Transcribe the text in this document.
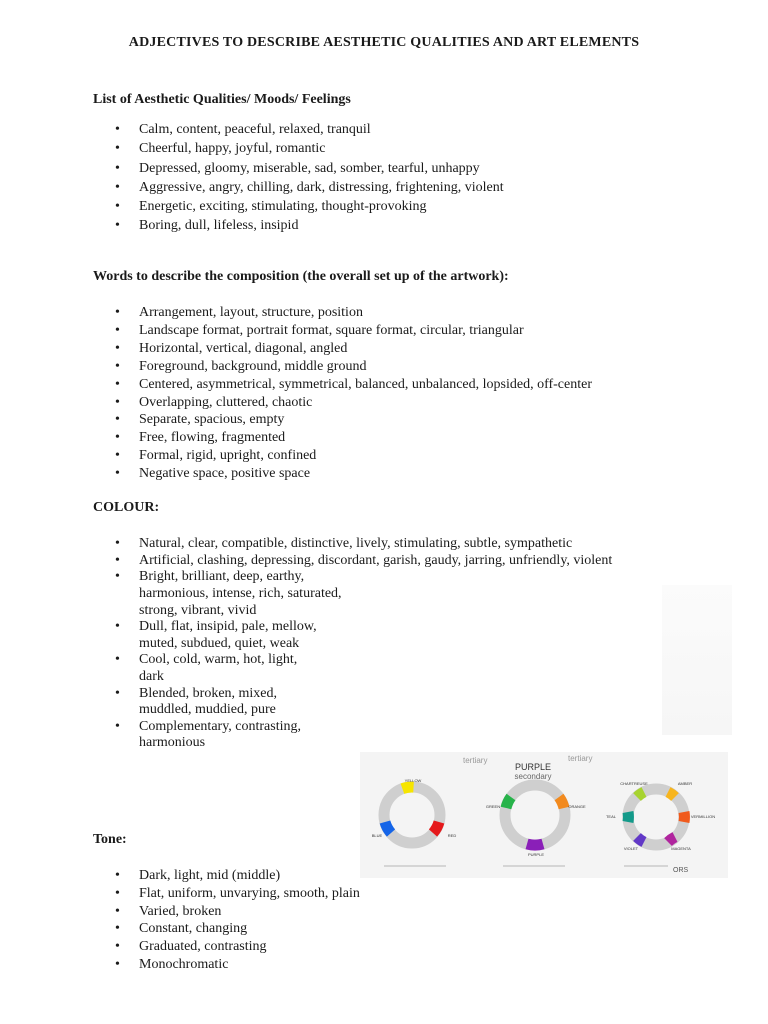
ADJECTIVES TO DESCRIBE AESTHETIC QUALITIES AND ART ELEMENTS
List of Aesthetic Qualities/ Moods/ Feelings
• Calm, content, peaceful, relaxed, tranquil
• Cheerful, happy, joyful, romantic
• Depressed, gloomy, miserable, sad, somber, tearful, unhappy
• Aggressive, angry, chilling, dark, distressing, frightening, violent
• Energetic, exciting, stimulating, thought-provoking
• Boring, dull, lifeless, insipid
Words to describe the composition (the overall set up of the artwork):
• Arrangement, layout, structure, position
• Landscape format, portrait format, square format, circular, triangular
• Horizontal, vertical, diagonal, angled
• Foreground, background, middle ground
• Centered, asymmetrical, symmetrical, balanced, unbalanced, lopsided, off-center
• Overlapping, cluttered, chaotic
• Separate, spacious, empty
• Free, flowing, fragmented
• Formal, rigid, upright, confined
• Negative space, positive space
COLOUR:
• Natural, clear, compatible, distinctive, lively, stimulating, subtle, sympathetic
• Artificial, clashing, depressing, discordant, garish, gaudy, jarring, unfriendly, violent
• Bright, brilliant, deep, earthy, harmonious, intense, rich, saturated, strong, vibrant, vivid
• Dull, flat, insipid, pale, mellow, muted, subdued, quiet, weak
• Cool, cold, warm, hot, light, dark
• Blended, broken, mixed, muddled, muddied, pure
• Complementary, contrasting, harmonious
tertiary	tertiary
PURPLE
secondary
ORS
YELLOW
BLUE	RED
GREEN	ORANGE
PURPLE
CHARTREUSE	AMBER
TEAL	VERMILLION
VIOLET	MAGENTA
Tone:
• Dark, light, mid (middle)
• Flat, uniform, unvarying, smooth, plain
• Varied, broken
• Constant, changing
• Graduated, contrasting
• Monochromatic
